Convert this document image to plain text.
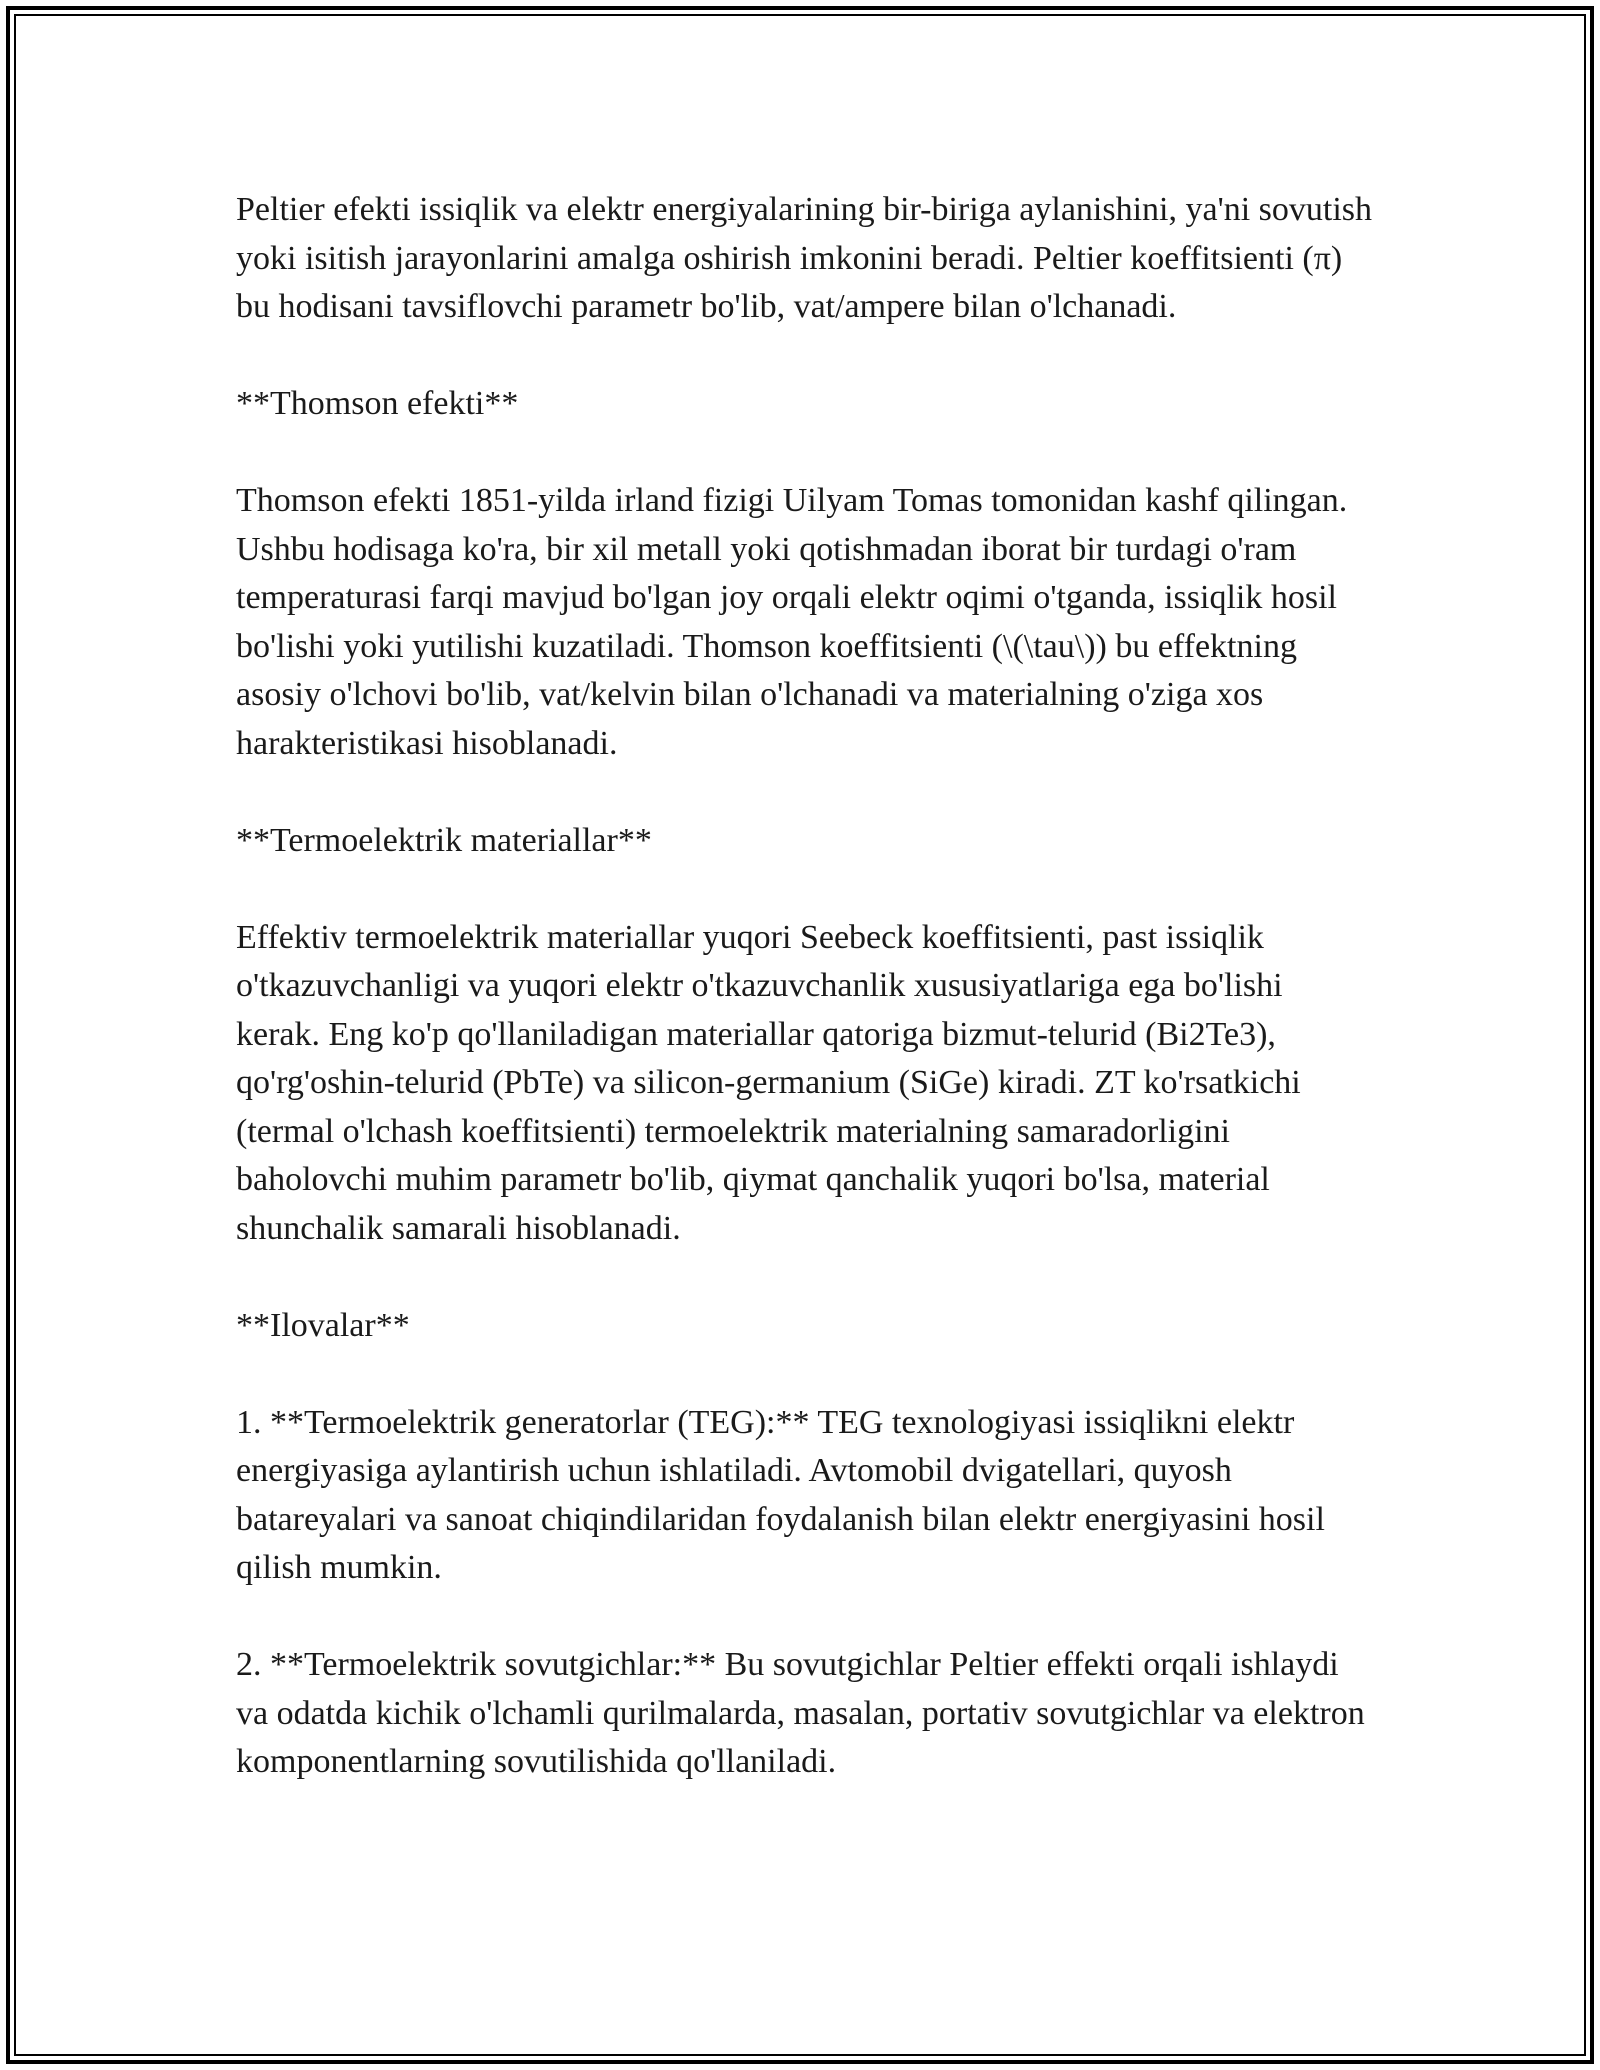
Peltier efekti issiqlik va elektr energiyalarining bir-biriga aylanishini, ya'ni sovutish yoki isitish jarayonlarini amalga oshirish imkonini beradi. Peltier koeffitsienti (π) bu hodisani tavsiflovchi parametr bo'lib, vat/ampere bilan o'lchanadi.

**Thomson efekti**

Thomson efekti 1851-yilda irland fizigi Uilyam Tomas tomonidan kashf qilingan. Ushbu hodisaga ko'ra, bir xil metall yoki qotishmadan iborat bir turdagi o'ram temperaturasi farqi mavjud bo'lgan joy orqali elektr oqimi o'tganda, issiqlik hosil bo'lishi yoki yutilishi kuzatiladi. Thomson koeffitsienti (\(\tau\)) bu effektning asosiy o'lchovi bo'lib, vat/kelvin bilan o'lchanadi va materialning o'ziga xos harakteristikasi hisoblanadi.

**Termoelektrik materiallar**

Effektiv termoelektrik materiallar yuqori Seebeck koeffitsienti, past issiqlik o'tkazuvchanligi va yuqori elektr o'tkazuvchanlik xususiyatlariga ega bo'lishi kerak. Eng ko'p qo'llaniladigan materiallar qatoriga bizmut-telurid (Bi2Te3), qo'rg'oshin-telurid (PbTe) va silicon-germanium (SiGe) kiradi. ZT ko'rsatkichi (termal o'lchash koeffitsienti) termoelektrik materialning samaradorligini baholovchi muhim parametr bo'lib, qiymat qanchalik yuqori bo'lsa, material shunchalik samarali hisoblanadi.

**Ilovalar**

1. **Termoelektrik generatorlar (TEG):** TEG texnologiyasi issiqlikni elektr energiyasiga aylantirish uchun ishlatiladi. Avtomobil dvigatellari, quyosh batareyalari va sanoat chiqindilaridan foydalanish bilan elektr energiyasini hosil qilish mumkin.

2. **Termoelektrik sovutgichlar:** Bu sovutgichlar Peltier effekti orqali ishlaydi va odatda kichik o'lchamli qurilmalarda, masalan, portativ sovutgichlar va elektron komponentlarning sovutilishida qo'llaniladi.
